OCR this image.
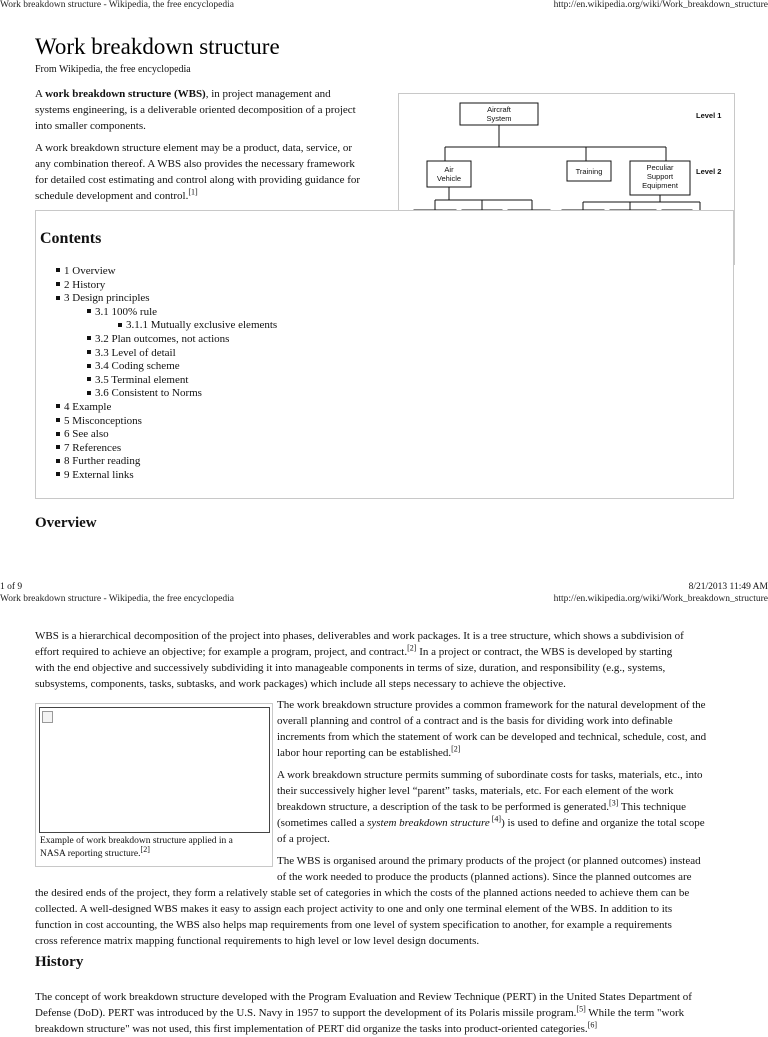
Work breakdown structure - Wikipedia, the free encyclopedia	http://en.wikipedia.org/wiki/Work_breakdown_structure
Work breakdown structure
From Wikipedia, the free encyclopedia
A work breakdown structure (WBS), in project management and
systems engineering, is a deliverable oriented decomposition of a project
into smaller components.
A work breakdown structure element may be a product, data, service, or
any combination thereof. A WBS also provides the necessary framework
for detailed cost estimating and control along with providing guidance for
schedule development and control.[1]
Aircraft
System
Air
Vehicle
Training	Peculiar
Support
Equipment
Level 1
Level 2
Contents
1 Overview
2 History
3 Design principles
3.1 100% rule
3.1.1 Mutually exclusive elements
3.2 Plan outcomes, not actions
3.3 Level of detail
3.4 Coding scheme
3.5 Terminal element
3.6 Consistent to Norms
4 Example
5 Misconceptions
6 See also
7 References
8 Further reading
9 External links
Overview
1 of 9	8/21/2013 11:49 AM
Work breakdown structure - Wikipedia, the free encyclopedia	http://en.wikipedia.org/wiki/Work_breakdown_structure
WBS is a hierarchical decomposition of the project into phases, deliverables and work packages. It is a tree structure, which shows a subdivision of
effort required to achieve an objective; for example a program, project, and contract.[2] In a project or contract, the WBS is developed by starting
with the end objective and successively subdividing it into manageable components in terms of size, duration, and responsibility (e.g., systems,
subsystems, components, tasks, subtasks, and work packages) which include all steps necessary to achieve the objective.
Example of work breakdown structure applied in a
NASA reporting structure.[2]
The work breakdown structure provides a common framework for the natural development of the
overall planning and control of a contract and is the basis for dividing work into definable
increments from which the statement of work can be developed and technical, schedule, cost, and
labor hour reporting can be established.[2]
A work breakdown structure permits summing of subordinate costs for tasks, materials, etc., into
their successively higher level “parent” tasks, materials, etc. For each element of the work
breakdown structure, a description of the task to be performed is generated.[3] This technique
(sometimes called a system breakdown structure [4]) is used to define and organize the total scope
of a project.
The WBS is organised around the primary products of the project (or planned outcomes) instead
of the work needed to produce the products (planned actions). Since the planned outcomes are
the desired ends of the project, they form a relatively stable set of categories in which the costs of the planned actions needed to achieve them can be
collected. A well-designed WBS makes it easy to assign each project activity to one and only one terminal element of the WBS. In addition to its
function in cost accounting, the WBS also helps map requirements from one level of system specification to another, for example a requirements
cross reference matrix mapping functional requirements to high level or low level design documents.
History
The concept of work breakdown structure developed with the Program Evaluation and Review Technique (PERT) in the United States Department of
Defense (DoD). PERT was introduced by the U.S. Navy in 1957 to support the development of its Polaris missile program.[5] While the term "work
breakdown structure" was not used, this first implementation of PERT did organize the tasks into product-oriented categories.[6]
